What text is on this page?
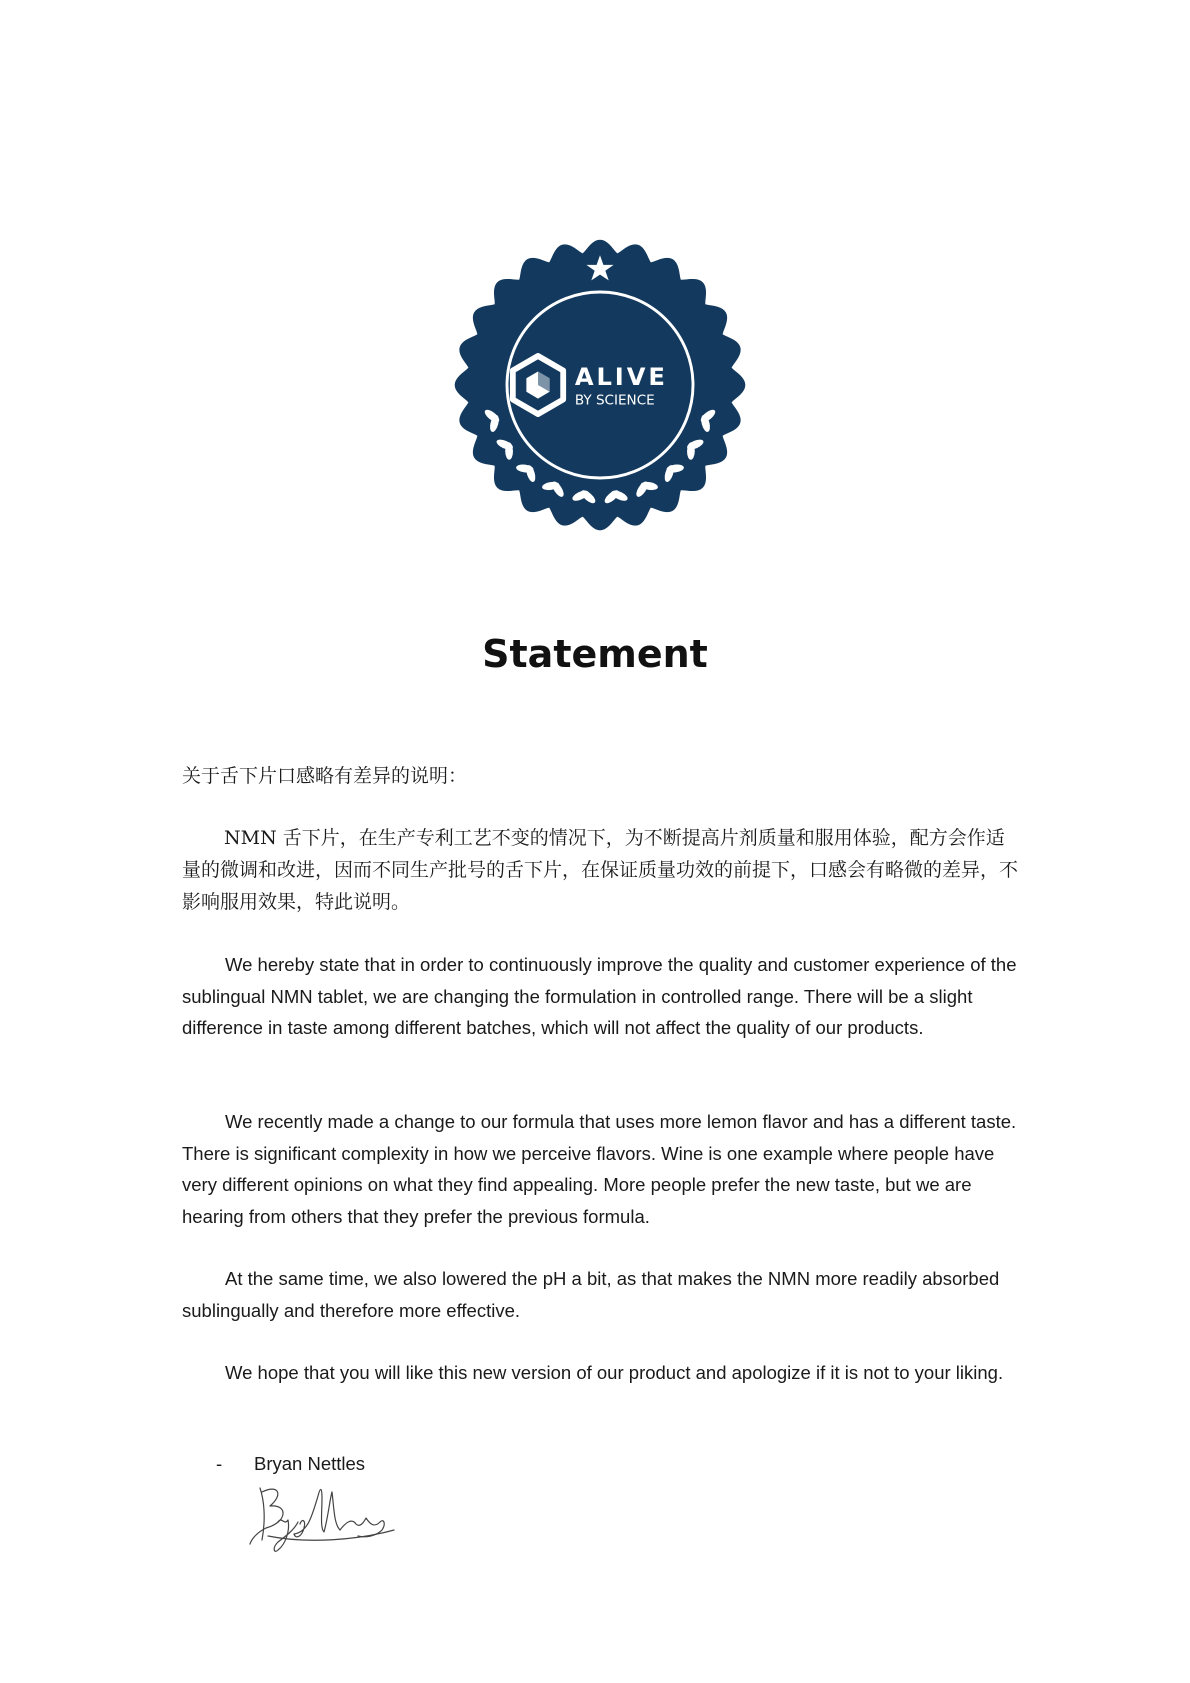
ALIVE
BY SCIENCE
Statement
关于舌下片口感略有差异的说明：
NMN 舌下片，在生产专利工艺不变的情况下，为不断提高片剂质量和服用体验，配方会作适量的微调和改进，因而不同生产批号的舌下片，在保证质量功效的前提下，口感会有略微的差异，不影响服用效果，特此说明。

We hereby state that in order to continuously improve the quality and customer experience of the sublingual NMN tablet, we are changing the formulation in controlled range. There will be a slight difference in taste among different batches, which will not affect the quality of our products.

We recently made a change to our formula that uses more lemon flavor and has a different taste. There is significant complexity in how we perceive flavors. Wine is one example where people have very different opinions on what they find appealing. More people prefer the new taste, but we are hearing from others that they prefer the previous formula.

At the same time, we also lowered the pH a bit, as that makes the NMN more readily absorbed sublingually and therefore more effective.

We hope that you will like this new version of our product and apologize if it is not to your liking.

- Bryan Nettles
